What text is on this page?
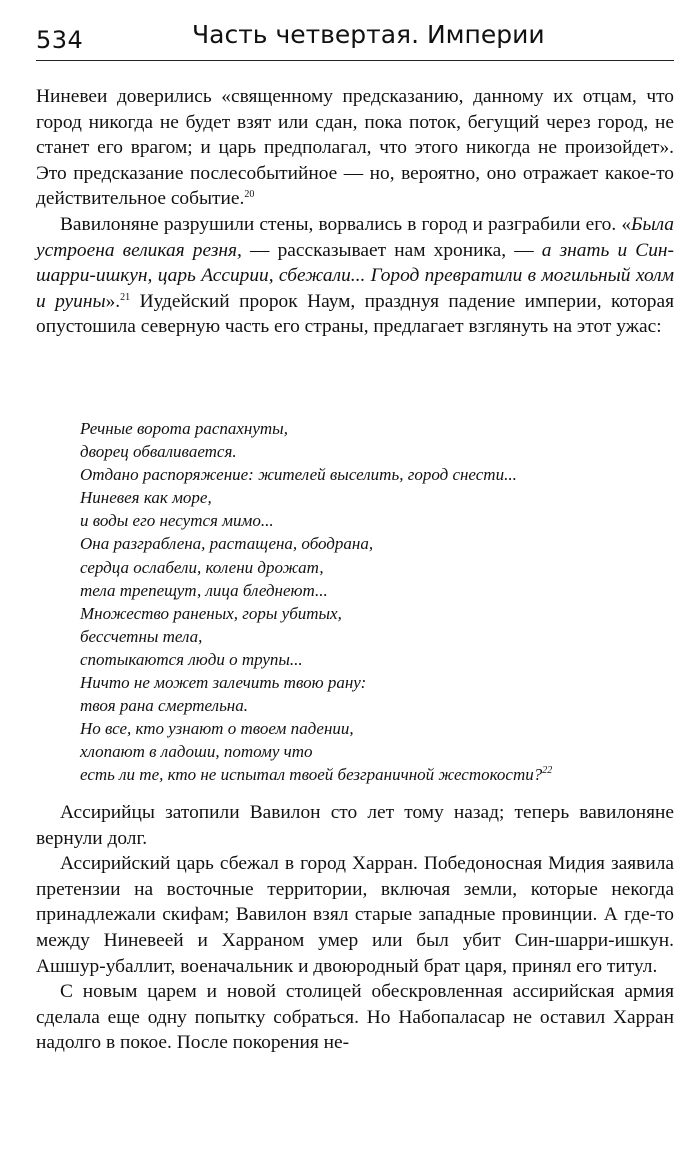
534	Часть четвертая. Империи

Ниневеи доверились «священному предсказанию, данному их отцам, что город никогда не будет взят или сдан, пока поток, бегущий через город, не станет его врагом; и царь предполагал, что этого никогда не произойдет». Это предсказание послесобытийное — но, вероятно, оно отражает какое-то действительное событие.$^{20}$

Вавилоняне разрушили стены, ворвались в город и разграбили его. «Была устроена великая резня, — рассказывает нам хроника, — а знать и Син-шарри-ишкун, царь Ассирии, сбежали... Город превратили в могильный холм и руины».$^{21}$ Иудейский пророк Наум, празднуя падение империи, которая опустошила северную часть его страны, предлагает взглянуть на этот ужас:

Речные ворота распахнуты,
дворец обваливается.
Отдано распоряжение: жителей выселить, город снести...
Ниневея как море,
и воды его несутся мимо...
Она разграблена, растащена, ободрана,
сердца ослабели, колени дрожат,
тела трепещут, лица бледнеют...
Множество раненых, горы убитых,
бессчетны тела,
спотыкаются люди о трупы...
Ничто не может залечить твою рану:
твоя рана смертельна.
Но все, кто узнают о твоем падении,
хлопают в ладоши, потому что
есть ли те, кто не испытал твоей безграничной жестокости?$^{22}$

Ассирийцы затопили Вавилон сто лет тому назад; теперь вавилоняне вернули долг.

Ассирийский царь сбежал в город Харран. Победоносная Мидия заявила претензии на восточные территории, включая земли, которые некогда принадлежали скифам; Вавилон взял старые западные провинции. А где-то между Ниневеей и Харраном умер или был убит Син-шарри-ишкун. Ашшур-убаллит, военачальник и двоюродный брат царя, принял его титул.

С новым царем и новой столицей обескровленная ассирийская армия сделала еще одну попытку собраться. Но Набопаласар не оставил Харран надолго в покое. После покорения не-
